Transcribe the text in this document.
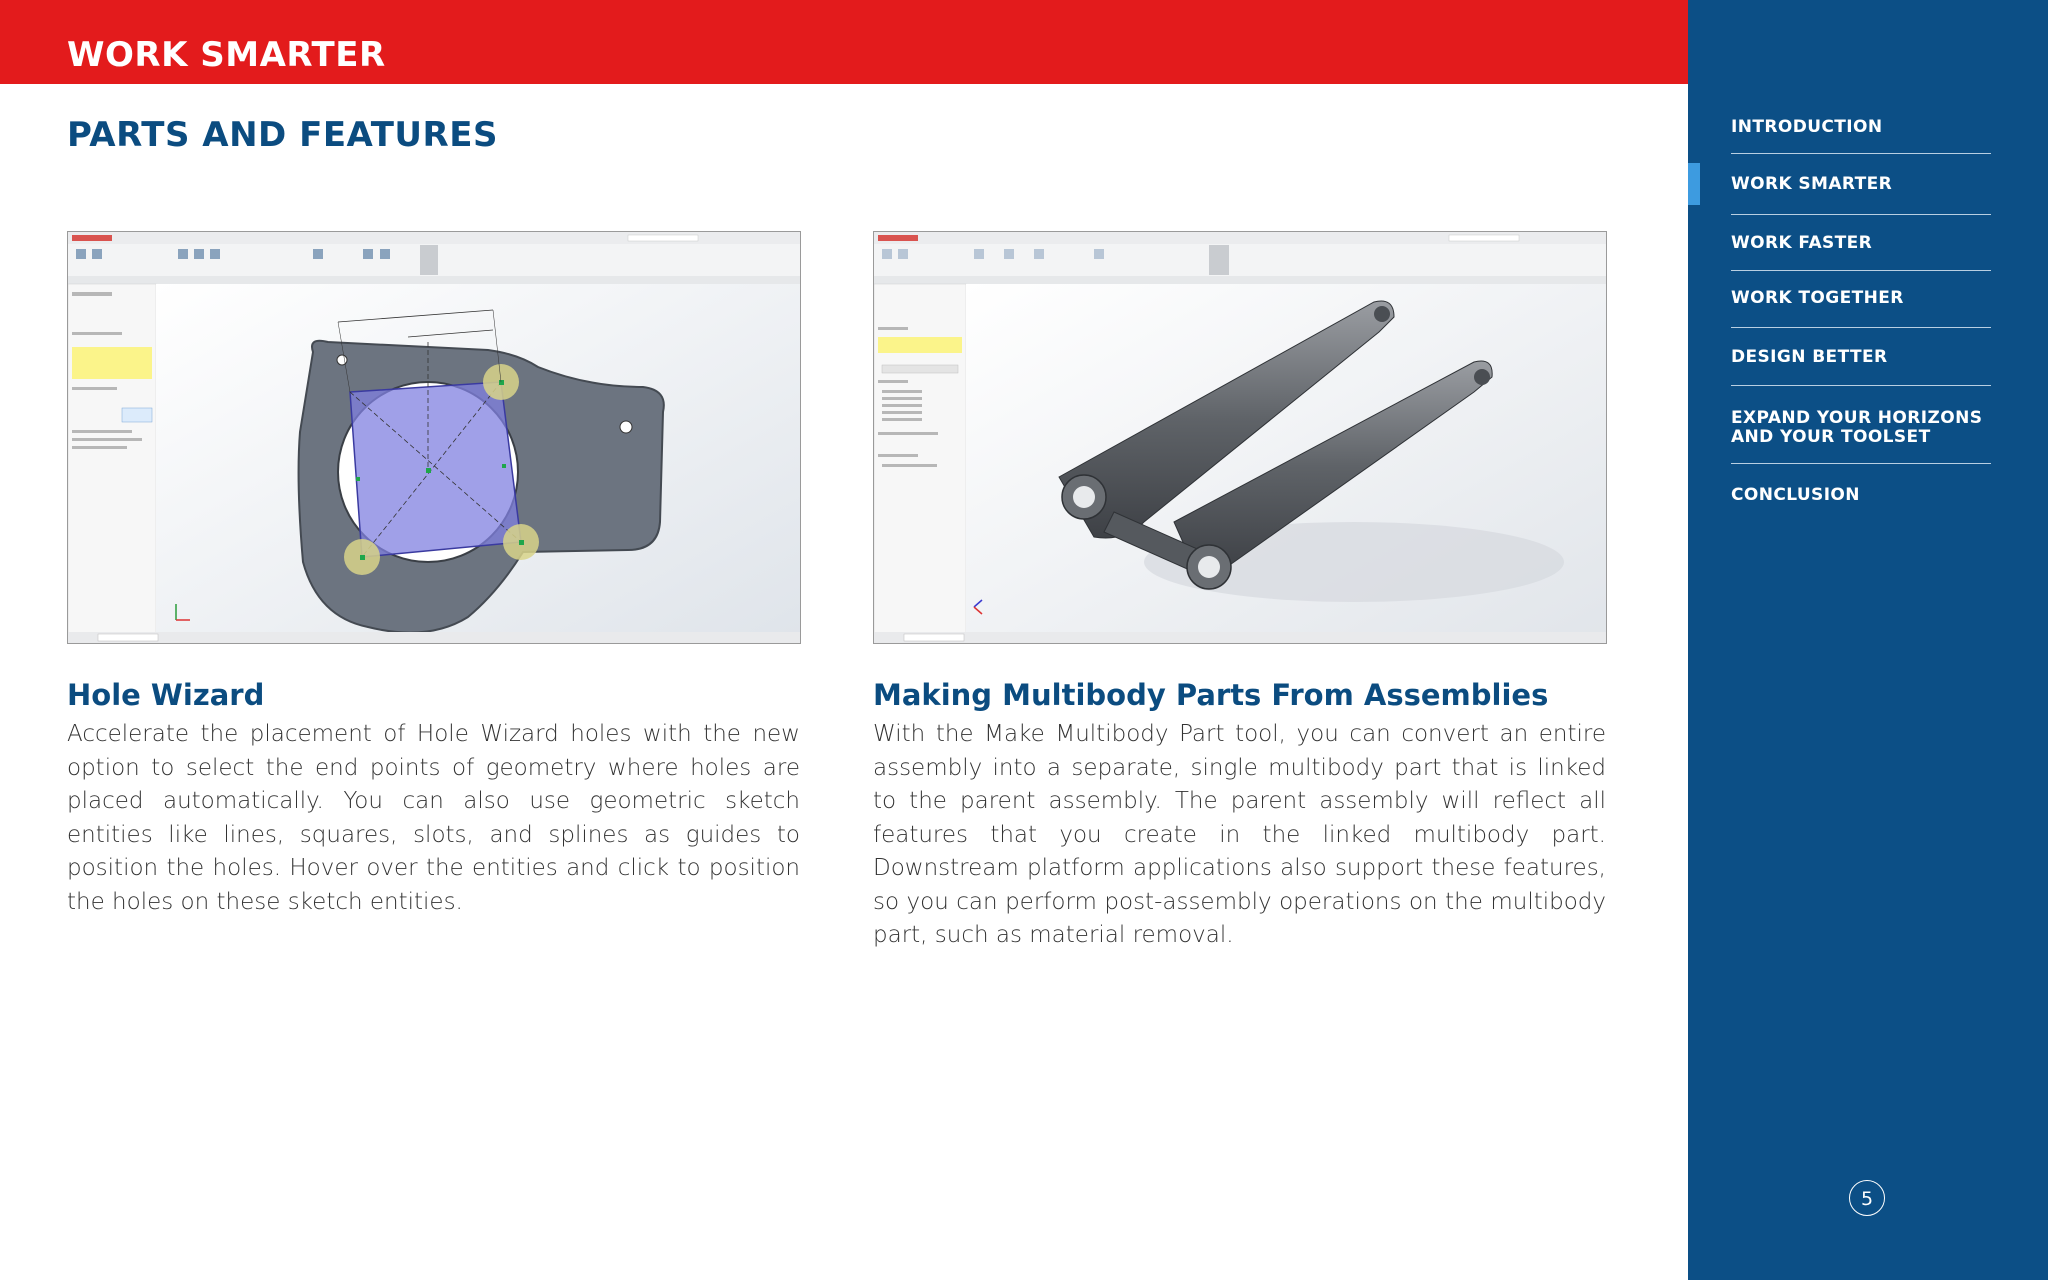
WORK SMARTER
PARTS AND FEATURES
Hole Wizard

Accelerate the placement of Hole Wizard holes with the new option to select the end points of geometry where holes are placed automatically. You can also use geometric sketch entities like lines, squares, slots, and splines as guides to position the holes. Hover over the entities and click to position the holes on these sketch entities.

Making Multibody Parts From Assemblies

With the Make Multibody Part tool, you can convert an entire assembly into a separate, single multibody part that is linked to the parent assembly. The parent assembly will reflect all features that you create in the linked multibody part. Downstream platform applications also support these features, so you can perform post-assembly operations on the multibody part, such as material removal.

INTRODUCTION
WORK SMARTER
WORK FASTER
WORK TOGETHER
DESIGN BETTER
EXPAND YOUR HORIZONS AND YOUR TOOLSET
CONCLUSION
5
